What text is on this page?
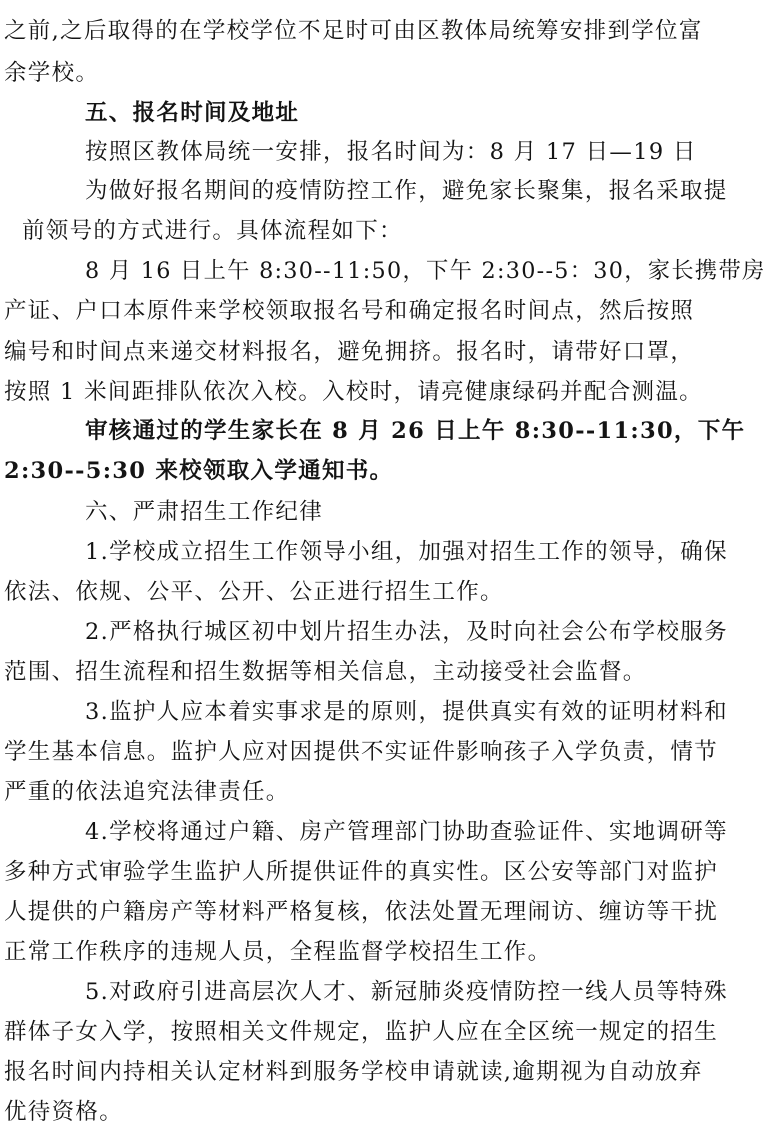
之前,之后取得的在学校学位不足时可由区教体局统筹安排到学位富
余学校。
五、报名时间及地址
按照区教体局统一安排，报名时间为：8 月 17 日—19 日
为做好报名期间的疫情防控工作，避免家长聚集，报名采取提
前领号的方式进行。具体流程如下：
8 月 16 日上午 8:30--11:50，下午 2:30--5：30，家长携带房
产证、户口本原件来学校领取报名号和确定报名时间点，然后按照
编号和时间点来递交材料报名，避免拥挤。报名时，请带好口罩，
按照 1 米间距排队依次入校。入校时，请亮健康绿码并配合测温。
审核通过的学生家长在 8 月 26 日上午 8:30--11:30，下午
2:30--5:30 来校领取入学通知书。
六、严肃招生工作纪律
1.学校成立招生工作领导小组，加强对招生工作的领导，确保
依法、依规、公平、公开、公正进行招生工作。
2.严格执行城区初中划片招生办法，及时向社会公布学校服务
范围、招生流程和招生数据等相关信息，主动接受社会监督。
3.监护人应本着实事求是的原则，提供真实有效的证明材料和
学生基本信息。监护人应对因提供不实证件影响孩子入学负责，情节
严重的依法追究法律责任。
4.学校将通过户籍、房产管理部门协助查验证件、实地调研等
多种方式审验学生监护人所提供证件的真实性。区公安等部门对监护
人提供的户籍房产等材料严格复核，依法处置无理闹访、缠访等干扰
正常工作秩序的违规人员，全程监督学校招生工作。
5.对政府引进高层次人才、新冠肺炎疫情防控一线人员等特殊
群体子女入学，按照相关文件规定，监护人应在全区统一规定的招生
报名时间内持相关认定材料到服务学校申请就读,逾期视为自动放弃
优待资格。
